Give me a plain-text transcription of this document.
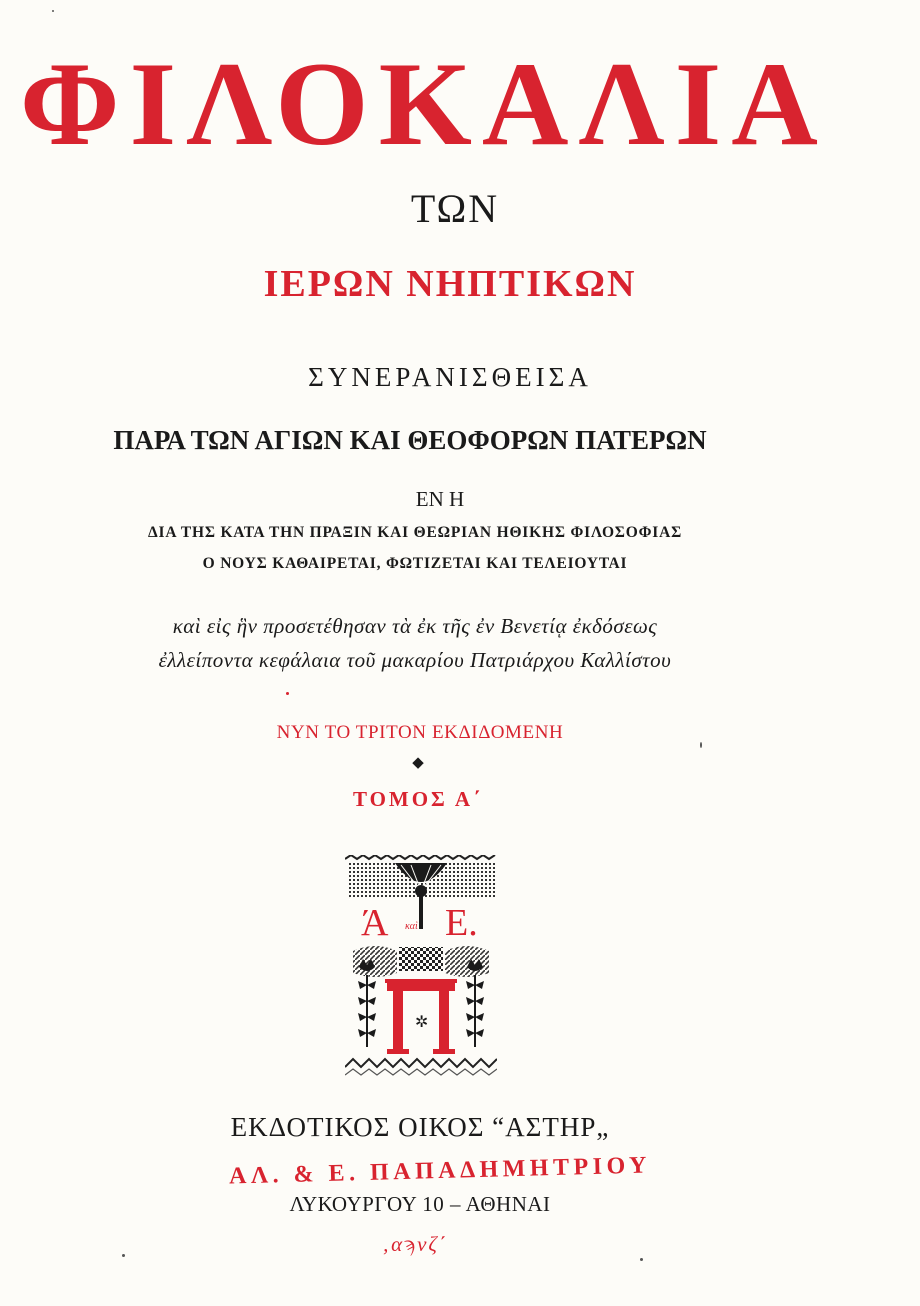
ΦΙΛΟΚΑΛΙΑ
ΤΩΝ
ΙΕΡΩΝ ΝΗΠΤΙΚΩΝ
ΣΥΝΕΡΑΝΙΣΘΕΙΣΑ
ΠΑΡΑ ΤΩΝ ΑΓΙΩΝ ΚΑΙ ΘΕΟΦΟΡΩΝ ΠΑΤΕΡΩΝ
ΕΝ Η
ΔΙΑ ΤΗΣ ΚΑΤΑ ΤΗΝ ΠΡΑΞΙΝ ΚΑΙ ΘΕΩΡΙΑΝ ΗΘΙΚΗΣ ΦΙΛΟΣΟΦΙΑΣ
Ο ΝΟΥΣ ΚΑΘΑΙΡΕΤΑΙ, ΦΩΤΙΖΕΤΑΙ ΚΑΙ ΤΕΛΕΙΟΥΤΑΙ
καὶ εἰς ἣν προσετέθησαν τὰ ἐκ τῆς ἐν Βενετίᾳ ἐκδόσεως
ἐλλείποντα κεφάλαια τοῦ μακαρίου Πατριάρχου Καλλίστου
ΝΥΝ ΤΟ ΤΡΙΤΟΝ ΕΚΔΙΔΟΜΕΝΗ
◆
ΤΟΜΟΣ Α΄
Ά καὶ Ε.
✲
ΕΚΔΟΤΙΚΟΣ ΟΙΚΟΣ “ΑΣΤΗΡ„
ΑΛ. & Ε. ΠΑΠΑΔΗΜΗΤΡΙΟΥ
ΛΥΚΟΥΡΓΟΥ 10 – ΑΘΗΝΑΙ
‚αϡνζ΄
